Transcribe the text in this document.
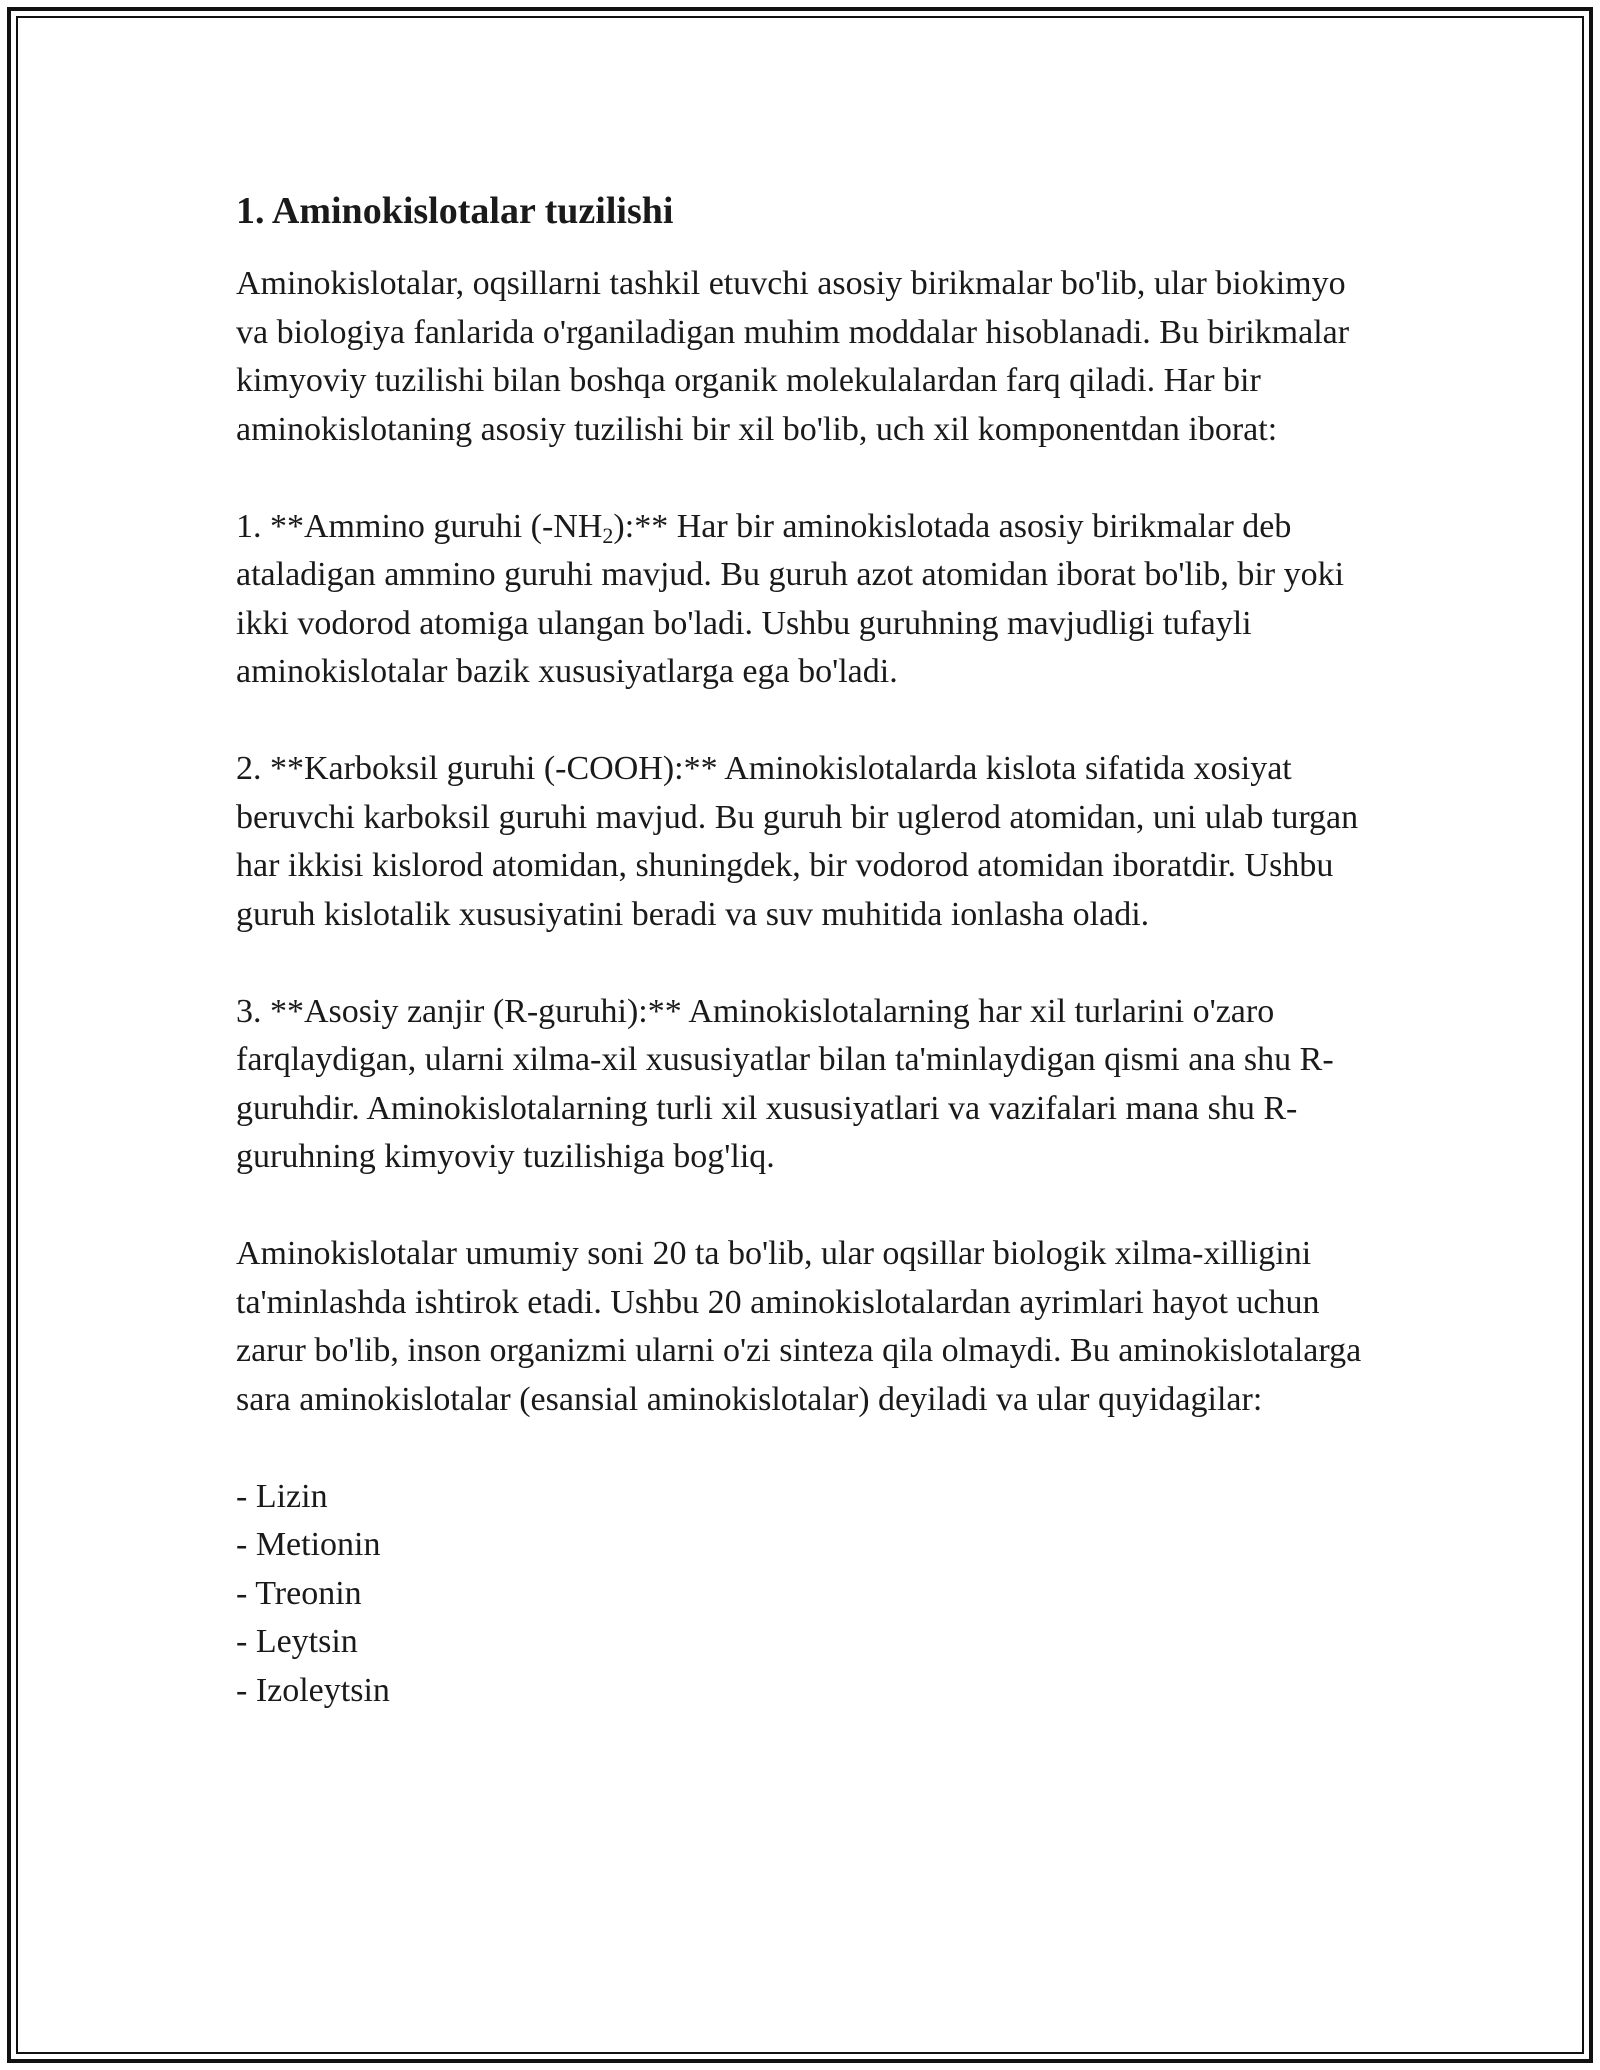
1. Aminokislotalar tuzilishi

Aminokislotalar, oqsillarni tashkil etuvchi asosiy birikmalar bo'lib, ular biokimyo va biologiya fanlarida o'rganiladigan muhim moddalar hisoblanadi. Bu birikmalar kimyoviy tuzilishi bilan boshqa organik molekulalardan farq qiladi. Har bir aminokislotaning asosiy tuzilishi bir xil bo'lib, uch xil komponentdan iborat:

1. **Ammino guruhi $(-NH_2):**$ Har bir aminokislotada asosiy birikmalar deb ataladigan ammino guruhi mavjud. Bu guruh azot atomidan iborat bo'lib, bir yoki ikki vodorod atomiga ulangan bo'ladi. Ushbu guruhning mavjudligi tufayli aminokislotalar bazik xususiyatlarga ega bo'ladi.

2. **Karboksil guruhi (-COOH):** Aminokislotalarda kislota sifatida xosiyat beruvchi karboksil guruhi mavjud. Bu guruh bir uglerod atomidan, uni ulab turgan har ikkisi kislorod atomidan, shuningdek, bir vodorod atomidan iboratdir. Ushbu guruh kislotalik xususiyatini beradi va suv muhitida ionlasha oladi.

3. **Asosiy zanjir (R-guruhi):** Aminokislotalarning har xil turlarini o'zaro farqlaydigan, ularni xilma-xil xususiyatlar bilan ta'minlaydigan qismi ana shu R-guruhdir. Aminokislotalarning turli xil xususiyatlari va vazifalari mana shu R-guruhning kimyoviy tuzilishiga bog'liq.

Aminokislotalar umumiy soni 20 ta bo'lib, ular oqsillar biologik xilma-xilligini ta'minlashda ishtirok etadi. Ushbu 20 aminokislotalardan ayrimlari hayot uchun zarur bo'lib, inson organizmi ularni o'zi sinteza qila olmaydi. Bu aminokislotalarga sara aminokislotalar (esansial aminokislotalar) deyiladi va ular quyidagilar:

- Lizin
- Metionin
- Treonin
- Leytsin
- Izoleytsin
